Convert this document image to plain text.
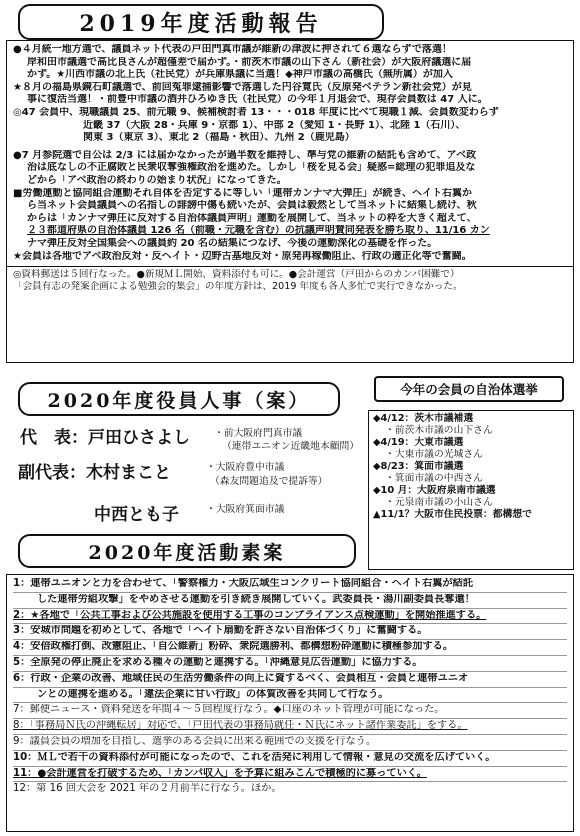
2019年度活動報告

●４月統一地方選で、議員ネット代表の戸田門真市議が維新の津波に押されて６選ならずで落選！

岸和田市議選で高比良さんが超僅差で届かず。・前茨木市議の山下さん（新社会）が大阪府議選に届

かず。★川西市議の北上氏（社民党）が兵庫県議に当選！◆神戸市議の高橋氏（無所属）が加入

★８月の福島県鏡石町議選で、前回冤罪逮捕影響で落選した円谷寛氏（反原発ベテラン新社会党）が見

事に復活当選！・前豊中市議の酒井ひろゆき氏（社民党）の今年１月退会で、現存会員数は 47 人に。

◎47 会員中、現職議員 25、前元職 9、候補検討者 13・・・018 年度に比べて現職１減、会員数変わらず

近畿 37（大阪 28・兵庫 9・京都 1）、中部 2（愛知 1・長野 1）、北陸 1（石川）、

関東 3（東京 3）、東北 2（福島・秋田）、九州 2（鹿児島）

●7 月参院選で自公は 2/3 には届かなかったが過半数を維持し、準与党の維新の結託も含めて、アベ政

治は底なしの不正腐敗と民衆収奪強権政治を進めた。しかし「桜を見る会」疑惑=総理の犯罪追及な

どから「アベ政治の終わりの始まり状況」になってきた。

■労働運動と協同組合運動それ自体を否定するに等しい「連帯カンナマ大弾圧」が続き、ヘイト右翼か

ら当ネット会員議員への名指しの誹謗中傷も続いたが、会員は毅然として当ネットに結集し続け、秋

からは「カンナマ弾圧に反対する自治体議員声明」運動を展開して、当ネットの枠を大きく超えて、

２３都道府県の自治体議員 126 名（前職・元職を含む）の抗議声明賛同発表を勝ち取り、11/16 カン

ナマ弾圧反対全国集会への議員約 20 名の結集につなげ、今後の運動深化の基礎を作った。

★会員は各地でアベ政治反対・反ヘイト・辺野古基地反対・原発再稼働阻止、行政の適正化等で奮闘。

◎資料郵送は５回行なった。●新規ＭＬ開始、資料添付も可に。●会計運営（戸田からのカンパ困難で）

「会員有志の発案企画による勉強会的集会」の年度方針は、2019 年度も各人多忙で実行できなかった。

2020年度役員人事（案）
代　表：戸田ひさよし ・前大阪府門真市議
（連帯ユニオン近畿地本顧問）
副代表：木村まこと	・大阪府豊中市議
（森友問題追及で提訴等）
中西とも子	・大阪府箕面市議
今年の会員の自治体選挙

◆4/12：茨木市議補選

・前茨木市議の山下さん

◆4/19：大東市議選

・大東市議の光城さん

◆8/23：箕面市議選

・箕面市議の中西さん

◆10 月：大阪府泉南市議選

・元泉南市議の小山さん

▲11/1？大阪市住民投票：都構想で

2020年度活動素案

1：連帯ユニオンと力を合わせて、「警察権力・大阪広域生コンクリート協同組合・ヘイト右翼が結託

した連帯労組攻撃」をやめさせる運動を引き続き展開していく。武委員長・湯川副委員長奪還！

2：★各地で「公共工事および公共施設を使用する工事のコンプライアンス点検運動」を開始推進する。

3：安城市問題を初めとして、各地で「ヘイト扇動を許さない自治体づくり」に奮闘する。

4：安倍政権打倒、改憲阻止、「自公維新」粉砕、衆院選勝利、都構想粉砕運動に積極参加する。

5：全原発の停止廃止を求める種々の運動と連携する。「沖縄意見広告運動」に協力する。

6：行政・企業の改善、地域住民の生活労働条件の向上に資するべく、会員相互・会員と連帯ユニオ

ンとの連携を進める。「違法企業に甘い行政」の体質改善を共同して行なう。

7：郵便ニュース・資料発送を年間４～５回程度行なう。◆口座のネット管理が可能になった。

8：「事務局Ｎ氏の沖縄転居」対応で、「戸田代表の事務局就任・Ｎ氏にネット諸作業委託」をする。

9：議員会員の増加を目指し、選挙のある会員に出来る範囲での支援を行なう。

10：ＭＬで若干の資料添付が可能になったので、これを活発に利用して情報・意見の交流を広げていく。

11：●会計運営を打破するため、「カンパ収入」を予算に組みこんで積極的に募っていく。

12：第 16 回大会を 2021 年の２月前半に行なう。ほか。
